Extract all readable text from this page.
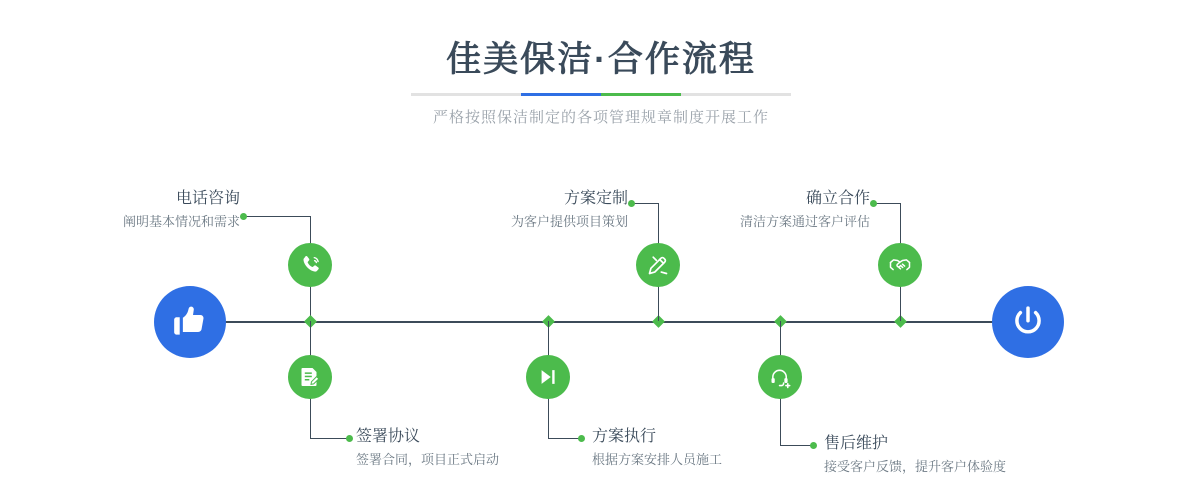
佳美保洁·合作流程
严格按照保洁制定的各项管理规章制度开展工作
电话咨询
阐明基本情况和需求
签署协议
签署合同，项目正式启动
方案定制
为客户提供项目策划
方案执行
根据方案安排人员施工
售后维护
接受客户反馈，提升客户体验度
确立合作
清洁方案通过客户评估
